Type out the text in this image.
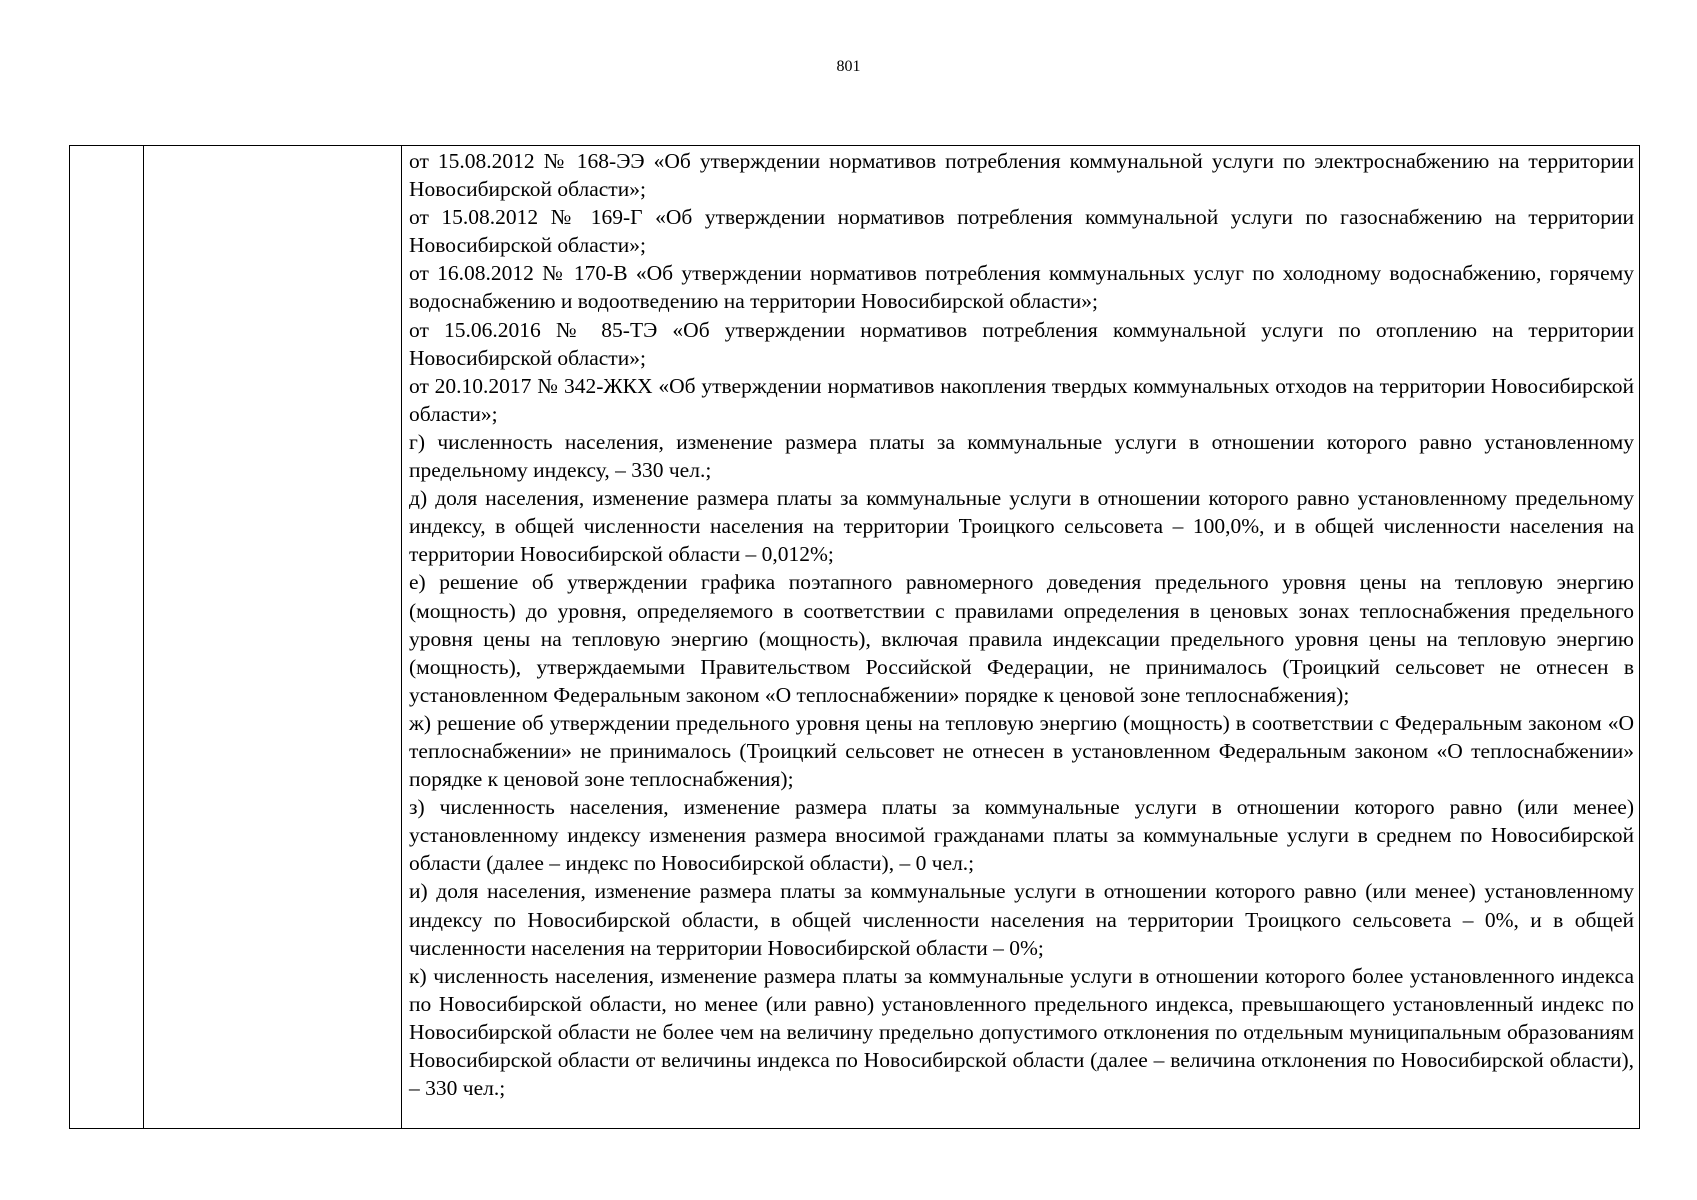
801

от 15.08.2012 № 168-ЭЭ «Об утверждении нормативов потребления коммунальной услуги по электроснабжению на территории Новосибирской области»;

от 15.08.2012 № 169-Г «Об утверждении нормативов потребления коммунальной услуги по газоснабжению на территории Новосибирской области»;

от 16.08.2012 № 170-В «Об утверждении нормативов потребления коммунальных услуг по холодному водоснабжению, горячему водоснабжению и водоотведению на территории Новосибирской области»;

от 15.06.2016 № 85-ТЭ «Об утверждении нормативов потребления коммунальной услуги по отоплению на территории Новосибирской области»;

от 20.10.2017 № 342-ЖКХ «Об утверждении нормативов накопления твердых коммунальных отходов на территории Новосибирской области»;

г) численность населения, изменение размера платы за коммунальные услуги в отношении которого равно установленному предельному индексу, – 330 чел.;

д) доля населения, изменение размера платы за коммунальные услуги в отношении которого равно установленному предельному индексу, в общей численности населения на территории Троицкого сельсовета – 100,0%, и в общей численности населения на территории Новосибирской области – 0,012%;

е) решение об утверждении графика поэтапного равномерного доведения предельного уровня цены на тепловую энергию (мощность) до уровня, определяемого в соответствии с правилами определения в ценовых зонах теплоснабжения предельного уровня цены на тепловую энергию (мощность), включая правила индексации предельного уровня цены на тепловую энергию (мощность), утверждаемыми Правительством Российской Федерации, не принималось (Троицкий сельсовет не отнесен в установленном Федеральным законом «О теплоснабжении» порядке к ценовой зоне теплоснабжения);

ж) решение об утверждении предельного уровня цены на тепловую энергию (мощность) в соответствии с Федеральным законом «О теплоснабжении» не принималось (Троицкий сельсовет не отнесен в установленном Федеральным законом «О теплоснабжении» порядке к ценовой зоне теплоснабжения);

з) численность населения, изменение размера платы за коммунальные услуги в отношении которого равно (или менее) установленному индексу изменения размера вносимой гражданами платы за коммунальные услуги в среднем по Новосибирской области (далее – индекс по Новосибирской области), – 0 чел.;

и) доля населения, изменение размера платы за коммунальные услуги в отношении которого равно (или менее) установленному индексу по Новосибирской области, в общей численности населения на территории Троицкого сельсовета – 0%, и в общей численности населения на территории Новосибирской области – 0%;

к) численность населения, изменение размера платы за коммунальные услуги в отношении которого более установленного индекса по Новосибирской области, но менее (или равно) установленного предельного индекса, превышающего установленный индекс по Новосибирской области не более чем на величину предельно допустимого отклонения по отдельным муниципальным образованиям Новосибирской области от величины индекса по Новосибирской области (далее – величина отклонения по Новосибирской области), – 330 чел.;
